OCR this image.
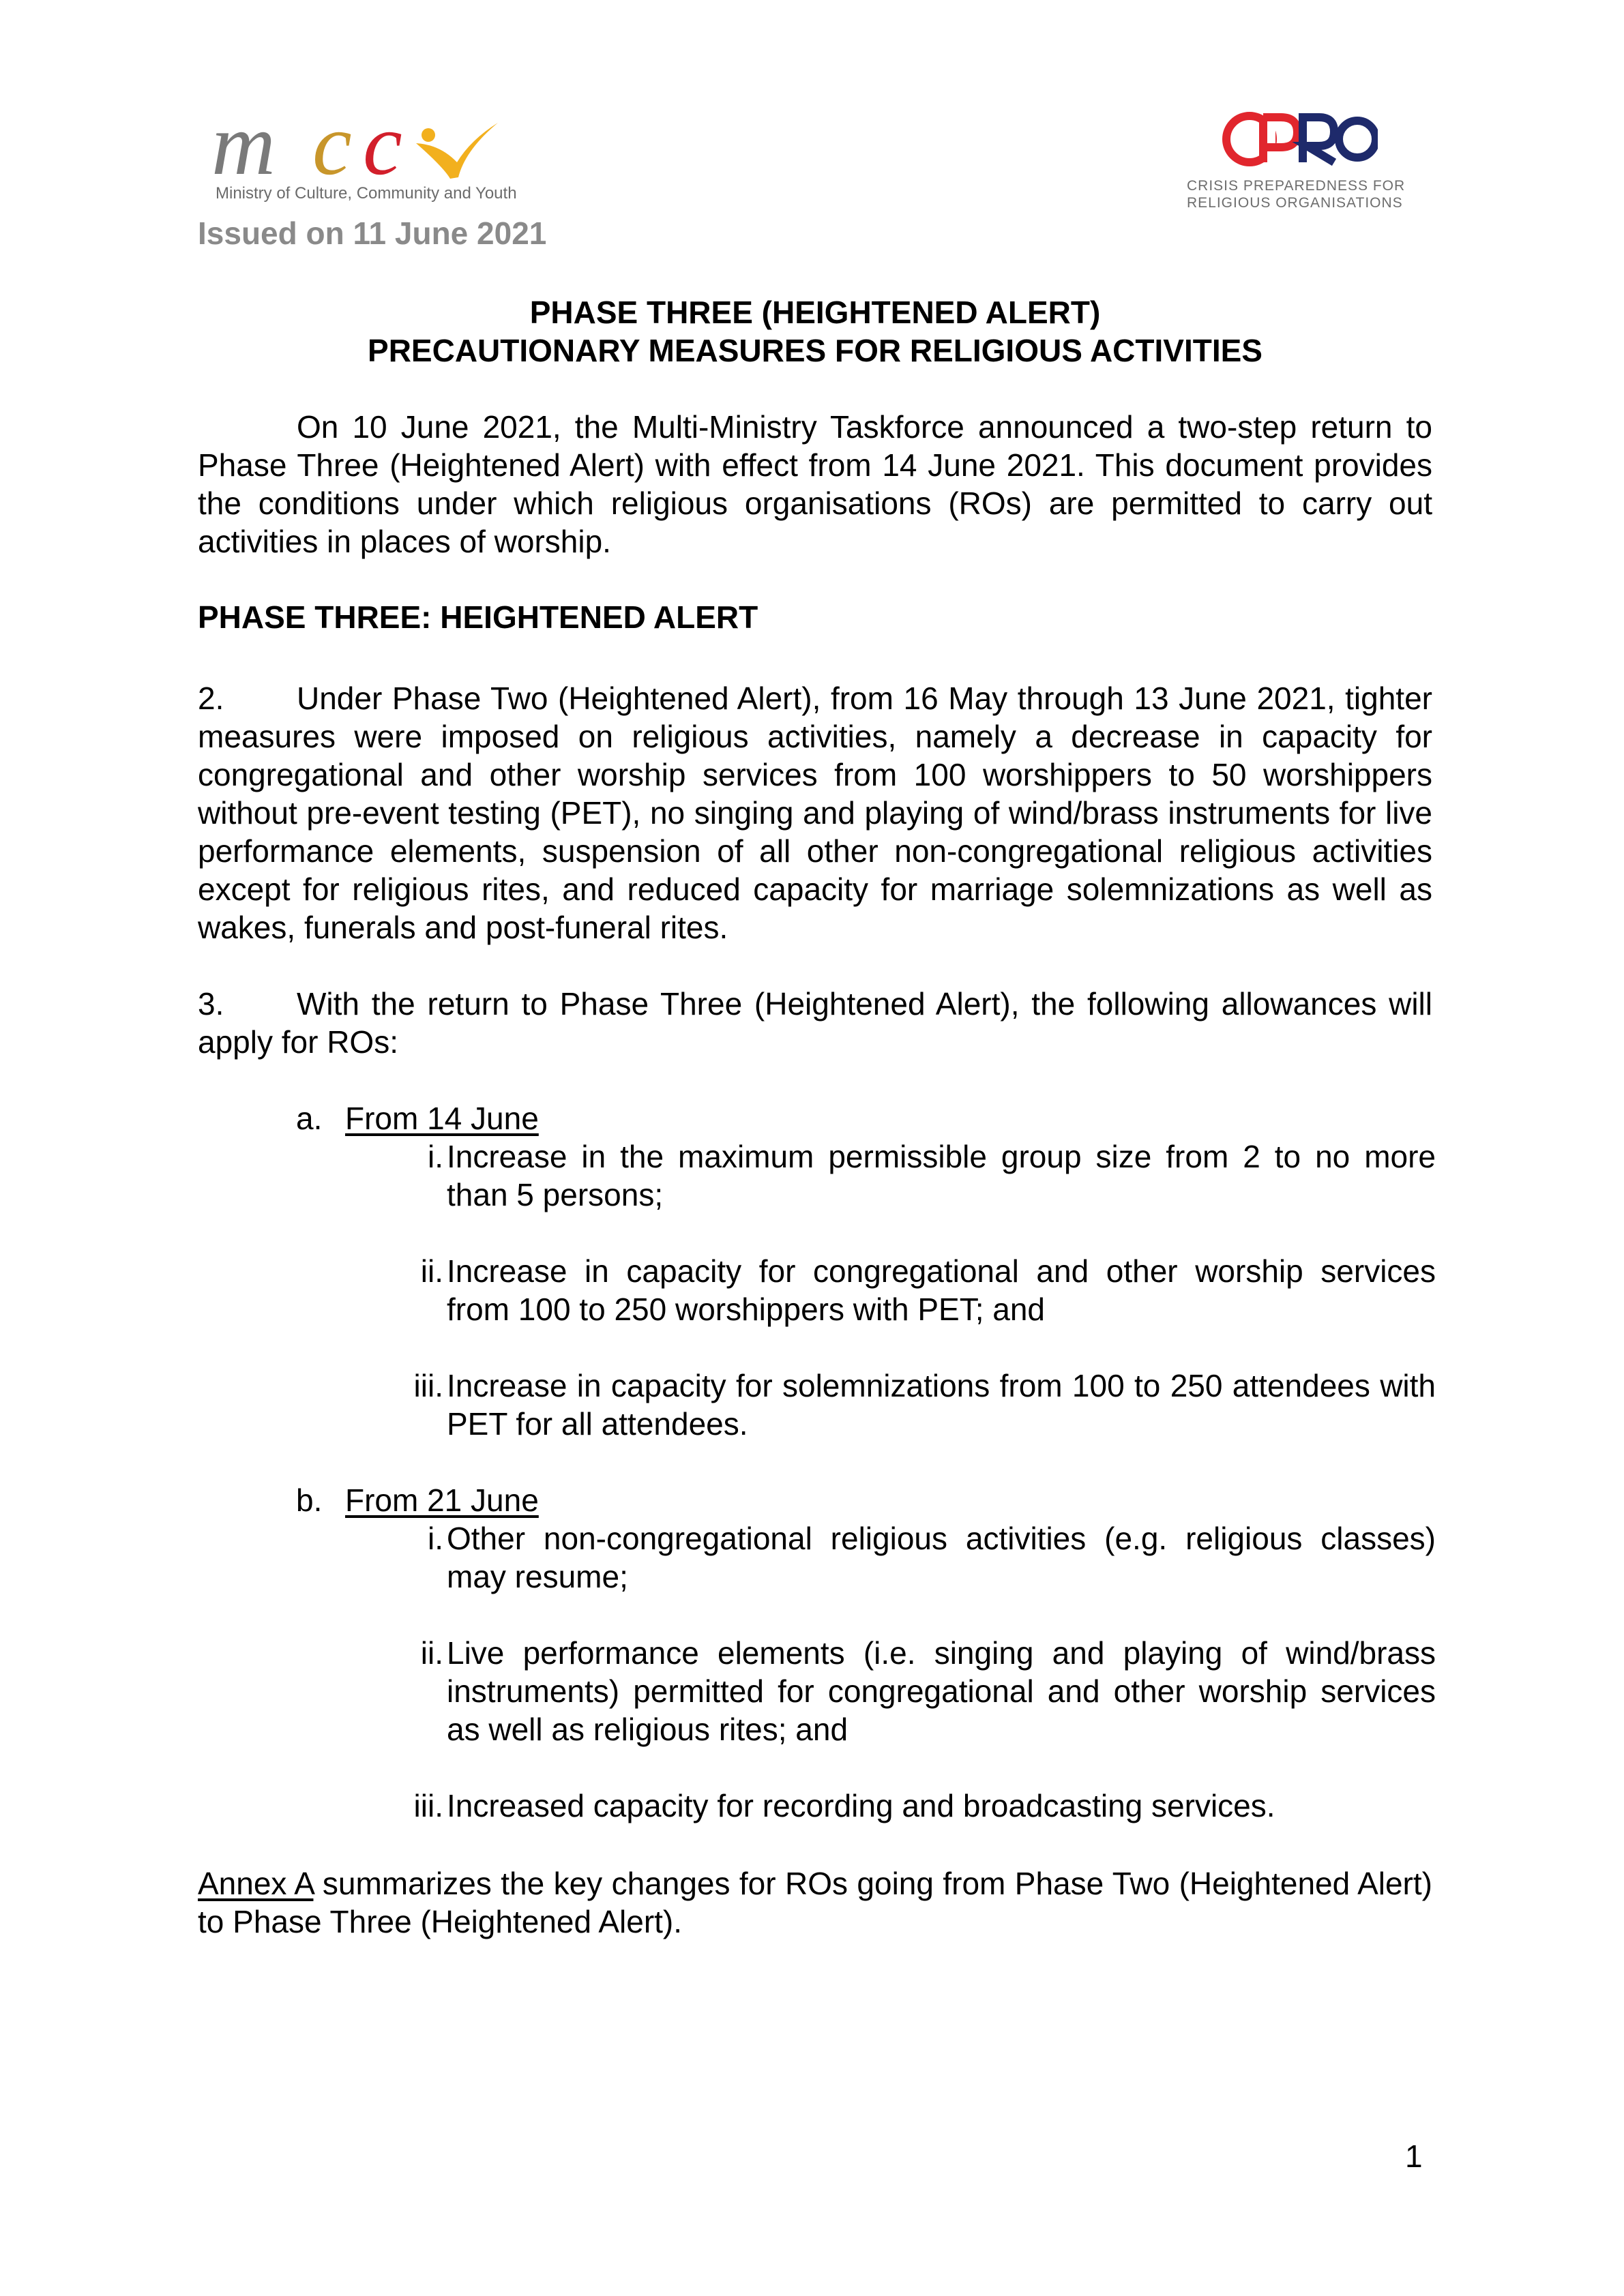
m c c
Ministry of Culture, Community and Youth
Issued on 11 June 2021
CRISIS PREPAREDNESS FOR
RELIGIOUS ORGANISATIONS
PHASE THREE (HEIGHTENED ALERT)
PRECAUTIONARY MEASURES FOR RELIGIOUS ACTIVITIES
On 10 June 2021, the Multi-Ministry Taskforce announced a two-step return to Phase Three (Heightened Alert) with effect from 14 June 2021. This document provides the conditions under which religious organisations (ROs) are permitted to carry out activities in places of worship.
PHASE THREE: HEIGHTENED ALERT
2. Under Phase Two (Heightened Alert), from 16 May through 13 June 2021, tighter measures were imposed on religious activities, namely a decrease in capacity for congregational and other worship services from 100 worshippers to 50 worshippers without pre-event testing (PET), no singing and playing of wind/brass instruments for live performance elements, suspension of all other non-congregational religious activities except for religious rites, and reduced capacity for marriage solemnizations as well as wakes, funerals and post-funeral rites.
3. With the return to Phase Three (Heightened Alert), the following allowances will apply for ROs:
a. From 14 June
i. Increase in the maximum permissible group size from 2 to no more than 5 persons;
ii. Increase in capacity for congregational and other worship services from 100 to 250 worshippers with PET; and
iii. Increase in capacity for solemnizations from 100 to 250 attendees with PET for all attendees.
b. From 21 June
i. Other non-congregational religious activities (e.g. religious classes) may resume;
ii. Live performance elements (i.e. singing and playing of wind/brass instruments) permitted for congregational and other worship services as well as religious rites; and
iii. Increased capacity for recording and broadcasting services.
Annex A summarizes the key changes for ROs going from Phase Two (Heightened Alert) to Phase Three (Heightened Alert).
1
